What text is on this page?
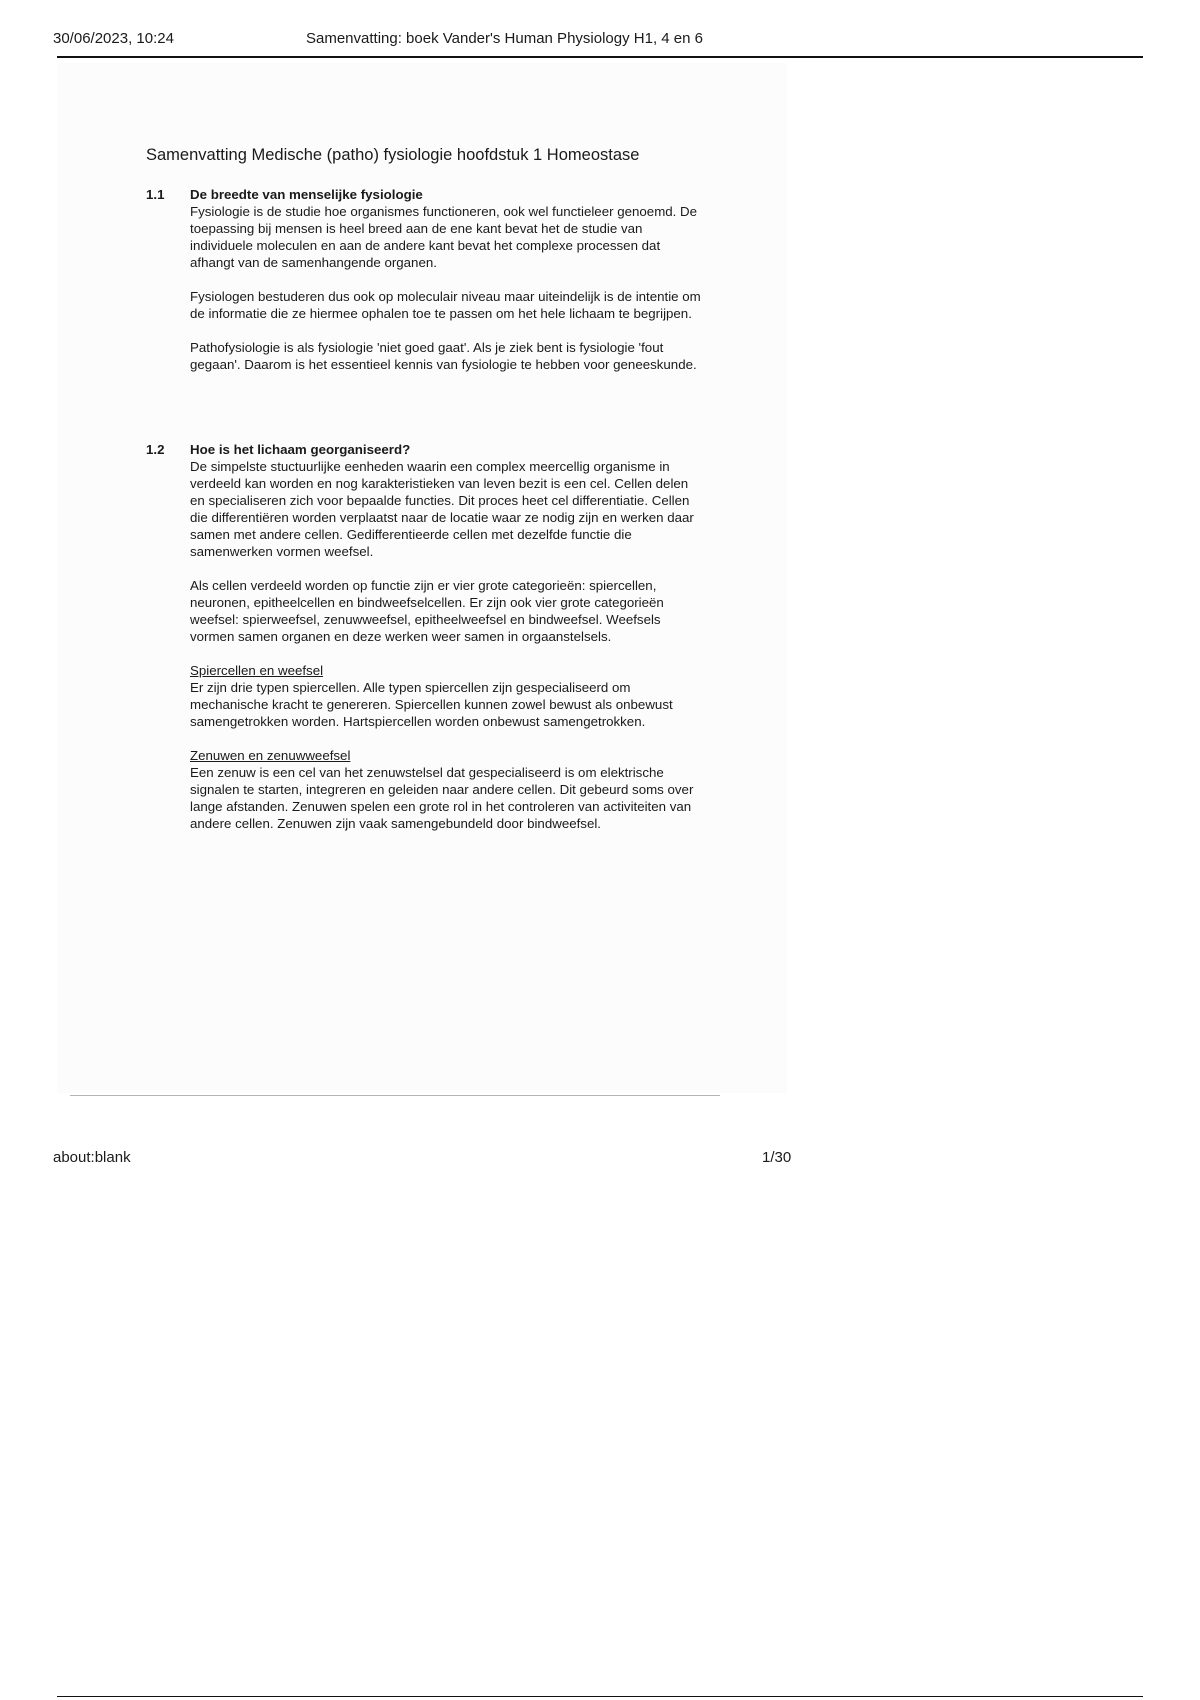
30/06/2023, 10:24	Samenvatting: boek Vander's Human Physiology H1, 4 en 6
Samenvatting Medische (patho) fysiologie hoofdstuk 1 Homeostase
1.1 De breedte van menselijke fysiologie

Fysiologie is de studie hoe organismes functioneren, ook wel functieleer genoemd. De toepassing bij mensen is heel breed aan de ene kant bevat het de studie van individuele moleculen en aan de andere kant bevat het complexe processen dat afhangt van de samenhangende organen.

Fysiologen bestuderen dus ook op moleculair niveau maar uiteindelijk is de intentie om de informatie die ze hiermee ophalen toe te passen om het hele lichaam te begrijpen.

Pathofysiologie is als fysiologie 'niet goed gaat'. Als je ziek bent is fysiologie 'fout gegaan'. Daarom is het essentieel kennis van fysiologie te hebben voor geneeskunde.

1.2 Hoe is het lichaam georganiseerd?

De simpelste stuctuurlijke eenheden waarin een complex meercellig organisme in verdeeld kan worden en nog karakteristieken van leven bezit is een cel. Cellen delen en specialiseren zich voor bepaalde functies. Dit proces heet cel differentiatie. Cellen die differentiëren worden verplaatst naar de locatie waar ze nodig zijn en werken daar samen met andere cellen. Gedifferentieerde cellen met dezelfde functie die samenwerken vormen weefsel.

Als cellen verdeeld worden op functie zijn er vier grote categorieën: spiercellen, neuronen, epitheelcellen en bindweefselcellen. Er zijn ook vier grote categorieën weefsel: spierweefsel, zenuwweefsel, epitheelweefsel en bindweefsel. Weefsels vormen samen organen en deze werken weer samen in orgaanstelsels.

Spiercellen en weefsel

Er zijn drie typen spiercellen. Alle typen spiercellen zijn gespecialiseerd om mechanische kracht te genereren. Spiercellen kunnen zowel bewust als onbewust samengetrokken worden. Hartspiercellen worden onbewust samengetrokken.

Zenuwen en zenuwweefsel

Een zenuw is een cel van het zenuwstelsel dat gespecialiseerd is om elektrische signalen te starten, integreren en geleiden naar andere cellen. Dit gebeurd soms over lange afstanden. Zenuwen spelen een grote rol in het controleren van activiteiten van andere cellen. Zenuwen zijn vaak samengebundeld door bindweefsel.

about:blank	1/30
